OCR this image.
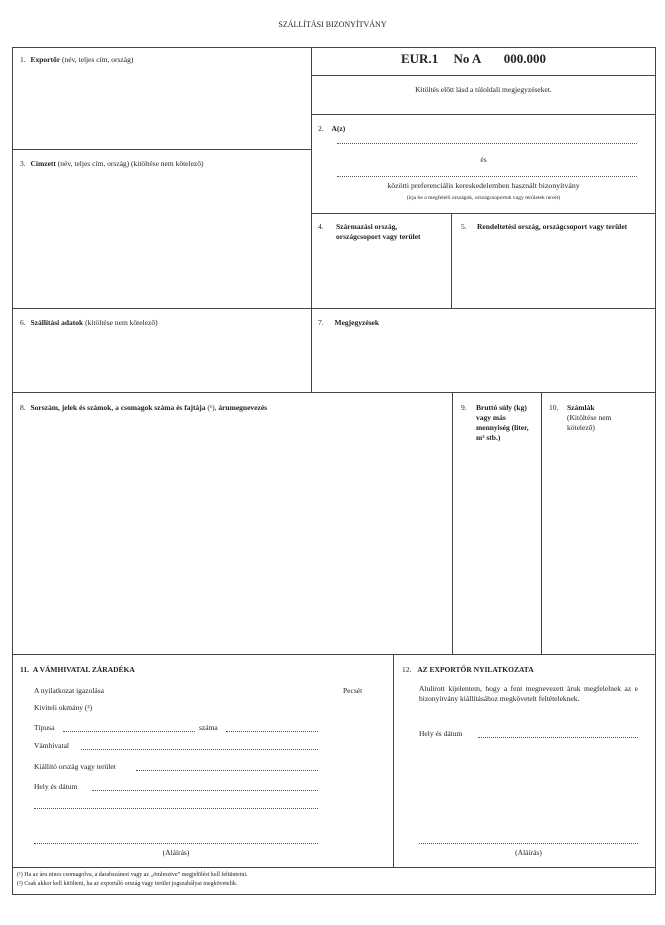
SZÁLLÍTÁSI BIZONYÍTVÁNY
1. Exportőr (név, teljes cím, ország)	EUR.1 No A 000.000
Kitöltés előtt lásd a túloldali megjegyzéseket.
2. A(z)
és
közötti preferenciális kereskedelemben használt bizonyítvány
(írja be a megfelelő országok, országcsoportok vagy területek nevét)
3. Címzett (név, teljes cím, ország) (kitöltése nem kötelező)
4. Származási ország, országcsoport vagy terület
5. Rendeltetési ország, országcsoport vagy terület
6. Szállítási adatok (kitöltése nem kötelező)	7. Megjegyzések
8. Sorszám, jelek és számok, a csomagok száma és fajtája (¹), árumegnevezés	9. Bruttó súly (kg) vagy más mennyiség (liter, m³ stb.)
10. Számlák
(Kitöltése nem kötelező)
11. A VÁMHIVATAL ZÁRADÉKA
A nyilatkozat igazolása	Pecsét
Kiviteli okmány (²)
Típusa	száma
Vámhivatal
Kiállító ország vagy terület
Hely és dátum
(Aláírás)
12. AZ EXPORTŐR NYILATKOZATA
Alulírott kijelentem, hogy a fent megnevezett áruk megfelelnek az e bizonyítvány kiállításához megkövetelt feltételeknek.
Hely és dátum
(Aláírás)
(¹) Ha az áru nincs csomagolva, a darabszámot vagy az „ömlesztve” megjelölést kell feltüntetni.
(²) Csak akkor kell kitölteni, ha az exportáló ország vagy terület jogszabályai megkövetelik.
